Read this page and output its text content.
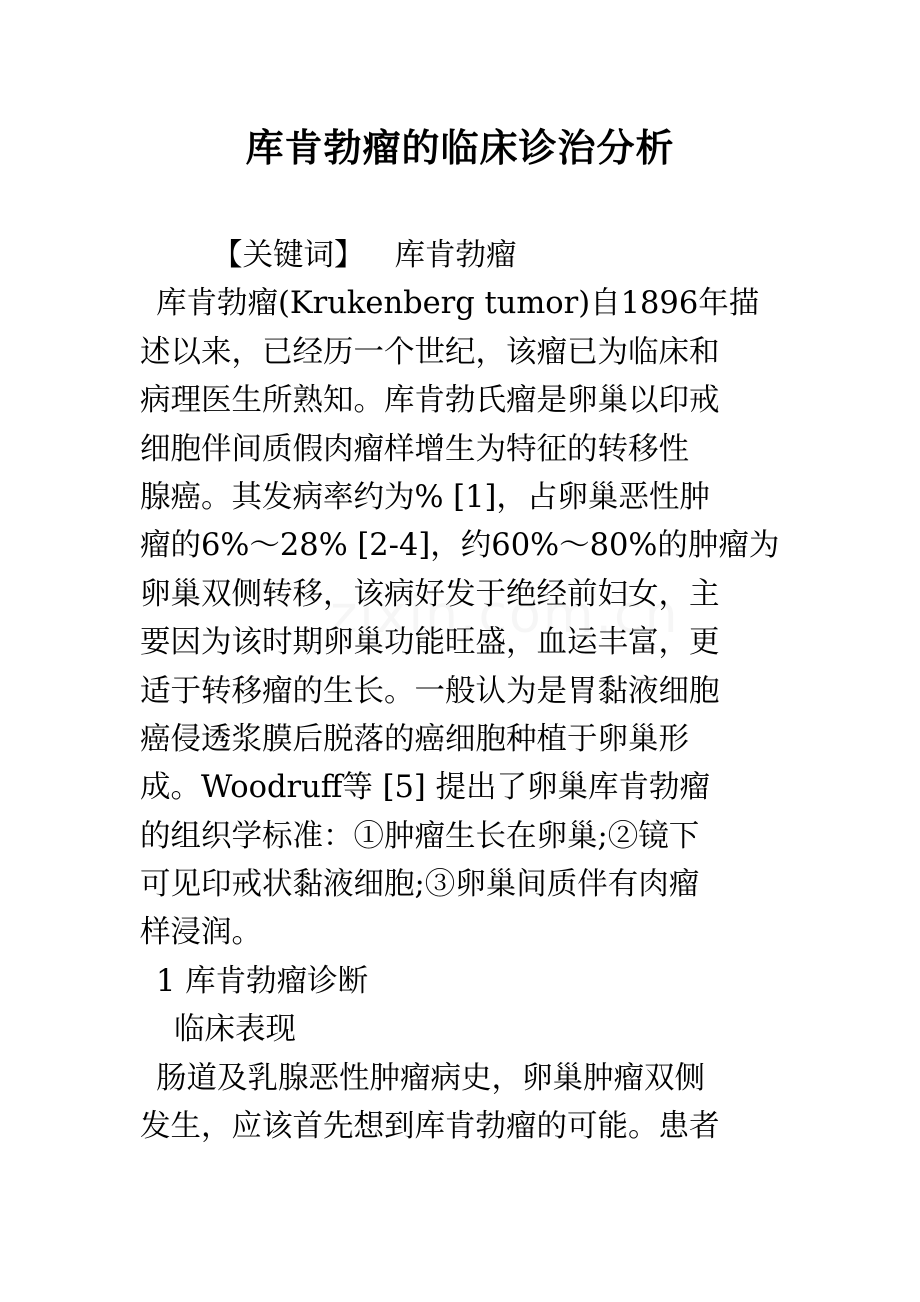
库肯勃瘤的临床诊治分析
【关键词】 库肯勃瘤
库肯勃瘤(Krukenberg tumor)自1896年描
述以来，已经历一个世纪，该瘤已为临床和
病理医生所熟知。库肯勃氏瘤是卵巢以印戒
细胞伴间质假肉瘤样增生为特征的转移性
腺癌。其发病率约为% [1]，占卵巢恶性肿
瘤的6%～28% [2-4]，约60%～80%的肿瘤为
卵巢双侧转移，该病好发于绝经前妇女，主
要因为该时期卵巢功能旺盛，血运丰富，更
适于转移瘤的生长。一般认为是胃黏液细胞
癌侵透浆膜后脱落的癌细胞种植于卵巢形
成。Woodruff等 [5] 提出了卵巢库肯勃瘤
的组织学标准：①肿瘤生长在卵巢;②镜下
可见印戒状黏液细胞;③卵巢间质伴有肉瘤
样浸润。
1 库肯勃瘤诊断
临床表现
肠道及乳腺恶性肿瘤病史，卵巢肿瘤双侧
发生，应该首先想到库肯勃瘤的可能。患者
